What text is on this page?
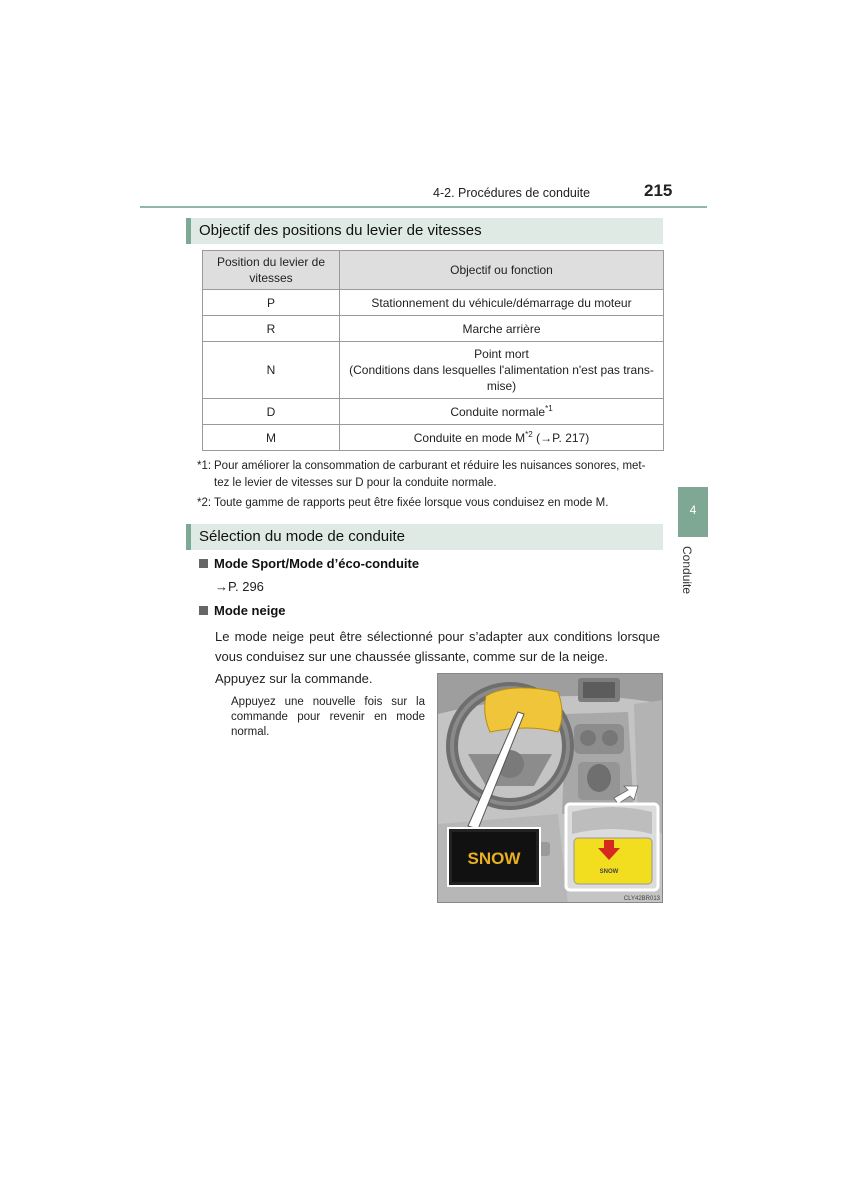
4-2. Procédures de conduite	215
Objectif des positions du levier de vitesses
Position du levier de vitesses	Objectif ou fonction
P	Stationnement du véhicule/démarrage du moteur
R	Marche arrière
N	Point mort
(Conditions dans lesquelles l'alimentation n'est pas trans-
mise)

D	Conduite normale$^{*1}$
M	Conduite en mode $M^{*2}$ (→P. 217)
*1: Pour améliorer la consommation de carburant et réduire les nuisances sonores, met-
tez le levier de vitesses sur D pour la conduite normale.
*2: Toute gamme de rapports peut être fixée lorsque vous conduisez en mode M.	4
Conduite
Sélection du mode de conduite
Mode Sport/Mode d’éco-conduite
→P. 296
Mode neige
Le mode neige peut être sélectionné pour s’adapter aux conditions lorsque vous conduisez sur une chaussée glissante, comme sur de la neige.
Appuyez sur la commande.
Appuyez une nouvelle fois sur la commande pour revenir en mode normal.
SNOW
SNOW
CLY42BR013
